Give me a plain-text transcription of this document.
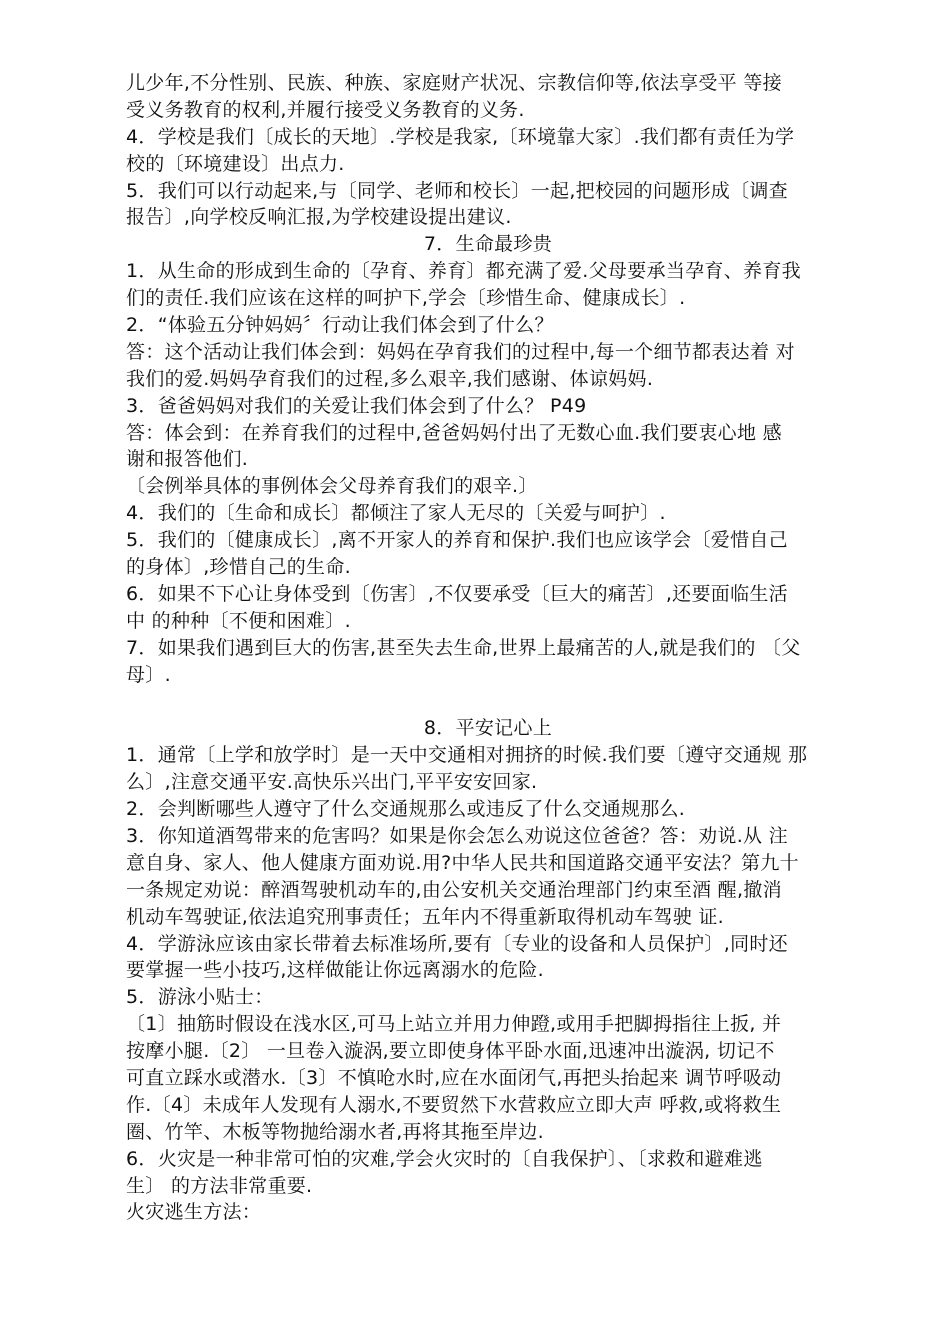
儿少年,不分性别、民族、种族、家庭财产状况、宗教信仰等,依法享受平 等接
受义务教育的权利,并履行接受义务教育的义务.
4．学校是我们〔成长的天地〕.学校是我家,〔环境靠大家〕.我们都有责任为学
校的〔环境建设〕出点力.
5．我们可以行动起来,与〔同学、老师和校长〕一起,把校园的问题形成〔调查
报告〕,向学校反响汇报,为学校建设提出建议.
7．生命最珍贵
1．从生命的形成到生命的〔孕育、养育〕都充满了爱.父母要承当孕育、养育我
们的责任.我们应该在这样的呵护下,学会〔珍惜生命、健康成长〕.
2．“体验五分钟妈妈〞行动让我们体会到了什么？
答：这个活动让我们体会到：妈妈在孕育我们的过程中,每一个细节都表达着 对
我们的爱.妈妈孕育我们的过程,多么艰辛,我们感谢、体谅妈妈.
3．爸爸妈妈对我们的关爱让我们体会到了什么？ P49
答：体会到：在养育我们的过程中,爸爸妈妈付出了无数心血.我们要衷心地 感
谢和报答他们.
〔会例举具体的事例体会父母养育我们的艰辛.〕
4．我们的〔生命和成长〕都倾注了家人无尽的〔关爱与呵护〕.
5．我们的〔健康成长〕,离不开家人的养育和保护.我们也应该学会〔爱惜自己
的身体〕,珍惜自己的生命.
6．如果不下心让身体受到〔伤害〕,不仅要承受〔巨大的痛苦〕,还要面临生活
中 的种种〔不便和困难〕.
7．如果我们遇到巨大的伤害,甚至失去生命,世界上最痛苦的人,就是我们的 〔父
母〕.
8．平安记心上
1．通常〔上学和放学时〕是一天中交通相对拥挤的时候.我们要〔遵守交通规 那
么〕,注意交通平安.高快乐兴出门,平平安安回家.
2．会判断哪些人遵守了什么交通规那么或违反了什么交通规那么.
3．你知道酒驾带来的危害吗？如果是你会怎么劝说这位爸爸？答：劝说.从 注
意自身、家人、他人健康方面劝说.用?中华人民共和国道路交通平安法？第九十
一条规定劝说：醉酒驾驶机动车的,由公安机关交通治理部门约束至酒 醒,撤消
机动车驾驶证,依法追究刑事责任；五年内不得重新取得机动车驾驶 证.
4．学游泳应该由家长带着去标准场所,要有〔专业的设备和人员保护〕,同时还
要掌握一些小技巧,这样做能让你远离溺水的危险.
5．游泳小贴士：
〔1〕抽筋时假设在浅水区,可马上站立并用力伸蹬,或用手把脚拇指往上扳, 并
按摩小腿.〔2〕 一旦卷入漩涡,要立即使身体平卧水面,迅速冲出漩涡, 切记不
可直立踩水或潜水.〔3〕不慎呛水时,应在水面闭气,再把头抬起来 调节呼吸动
作.〔4〕未成年人发现有人溺水,不要贸然下水营救应立即大声 呼救,或将救生
圈、竹竿、木板等物抛给溺水者,再将其拖至岸边.
6．火灾是一种非常可怕的灾难,学会火灾时的〔自我保护〕、〔求救和避难逃
生〕 的方法非常重要.
火灾逃生方法：
